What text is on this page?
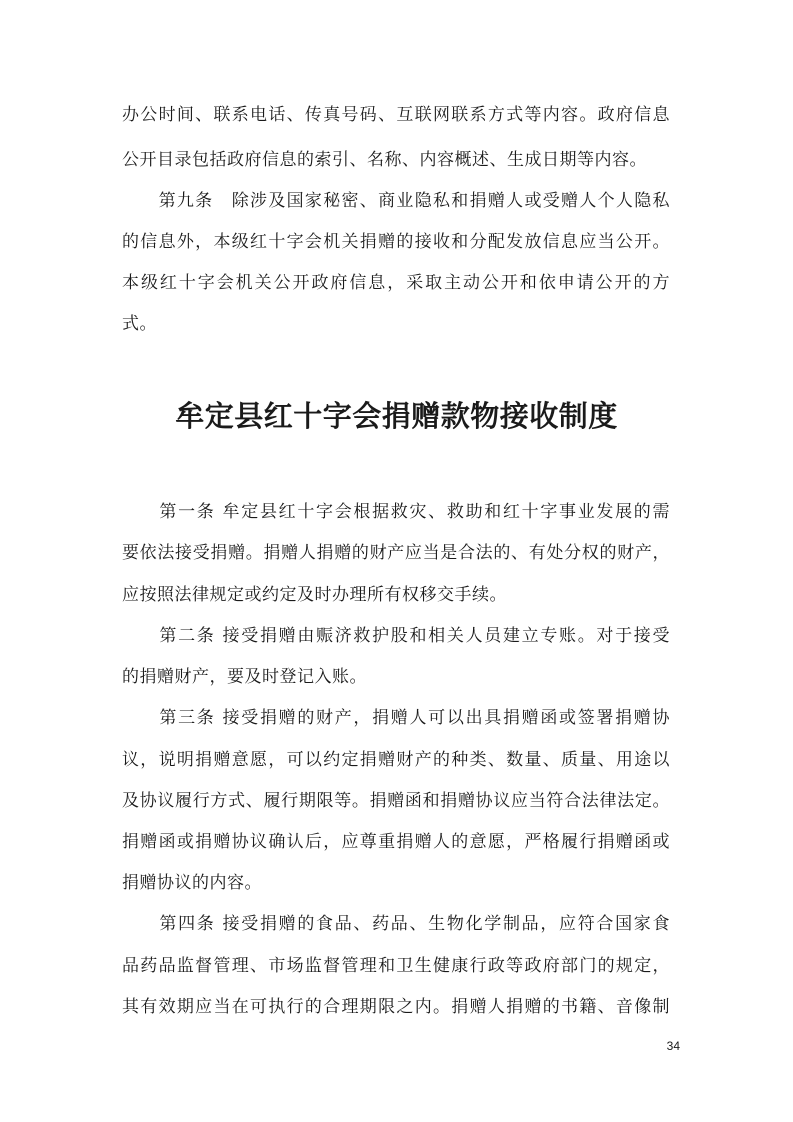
办公时间、联系电话、传真号码、互联网联系方式等内容。政府信息
公开目录包括政府信息的索引、名称、内容概述、生成日期等内容。
　　第九条　除涉及国家秘密、商业隐私和捐赠人或受赠人个人隐私
的信息外，本级红十字会机关捐赠的接收和分配发放信息应当公开。
本级红十字会机关公开政府信息，采取主动公开和依申请公开的方
式。
牟定县红十字会捐赠款物接收制度
　　第一条 牟定县红十字会根据救灾、救助和红十字事业发展的需
要依法接受捐赠。捐赠人捐赠的财产应当是合法的、有处分权的财产，
应按照法律规定或约定及时办理所有权移交手续。
　　第二条 接受捐赠由赈济救护股和相关人员建立专账。对于接受
的捐赠财产，要及时登记入账。
　　第三条 接受捐赠的财产，捐赠人可以出具捐赠函或签署捐赠协
议，说明捐赠意愿，可以约定捐赠财产的种类、数量、质量、用途以
及协议履行方式、履行期限等。捐赠函和捐赠协议应当符合法律法定。
捐赠函或捐赠协议确认后，应尊重捐赠人的意愿，严格履行捐赠函或
捐赠协议的内容。
　　第四条 接受捐赠的食品、药品、生物化学制品，应符合国家食
品药品监督管理、市场监督管理和卫生健康行政等政府部门的规定，
其有效期应当在可执行的合理期限之内。捐赠人捐赠的书籍、音像制
34
